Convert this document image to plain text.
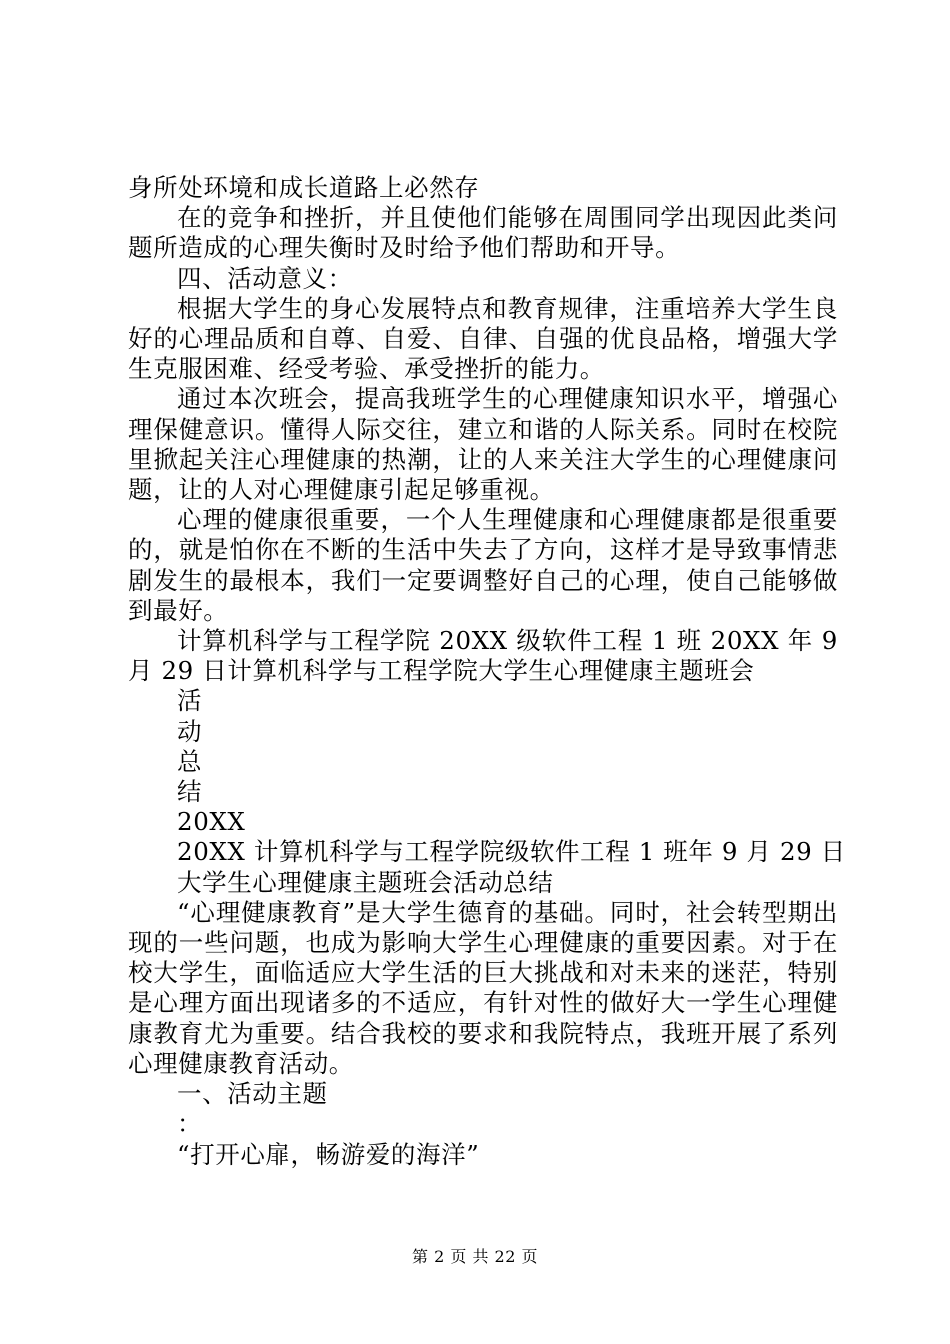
身所处环境和成长道路上必然存

在的竞争和挫折，并且使他们能够在周围同学出现因此类问题所造成的心理失衡时及时给予他们帮助和开导。

四、活动意义：

根据大学生的身心发展特点和教育规律，注重培养大学生良好的心理品质和自尊、自爱、自律、自强的优良品格，增强大学生克服困难、经受考验、承受挫折的能力。

通过本次班会，提高我班学生的心理健康知识水平，增强心理保健意识。懂得人际交往，建立和谐的人际关系。同时在校院里掀起关注心理健康的热潮，让的人来关注大学生的心理健康问题，让的人对心理健康引起足够重视。

心理的健康很重要，一个人生理健康和心理健康都是很重要的，就是怕你在不断的生活中失去了方向，这样才是导致事情悲剧发生的最根本，我们一定要调整好自己的心理，使自己能够做到最好。

计算机科学与工程学院 20XX 级软件工程 1 班 20XX 年 9 月 29 日计算机科学与工程学院大学生心理健康主题班会

活

动

总

结

20XX

20XX 计算机科学与工程学院级软件工程 1 班年 9 月 29 日

大学生心理健康主题班会活动总结

“心理健康教育”是大学生德育的基础。同时，社会转型期出现的一些问题，也成为影响大学生心理健康的重要因素。对于在校大学生，面临适应大学生活的巨大挑战和对未来的迷茫，特别是心理方面出现诸多的不适应，有针对性的做好大一学生心理健康教育尤为重要。结合我校的要求和我院特点，我班开展了系列心理健康教育活动。

一、活动主题

：

“打开心扉，畅游爱的海洋”

第 2 页 共 22 页
